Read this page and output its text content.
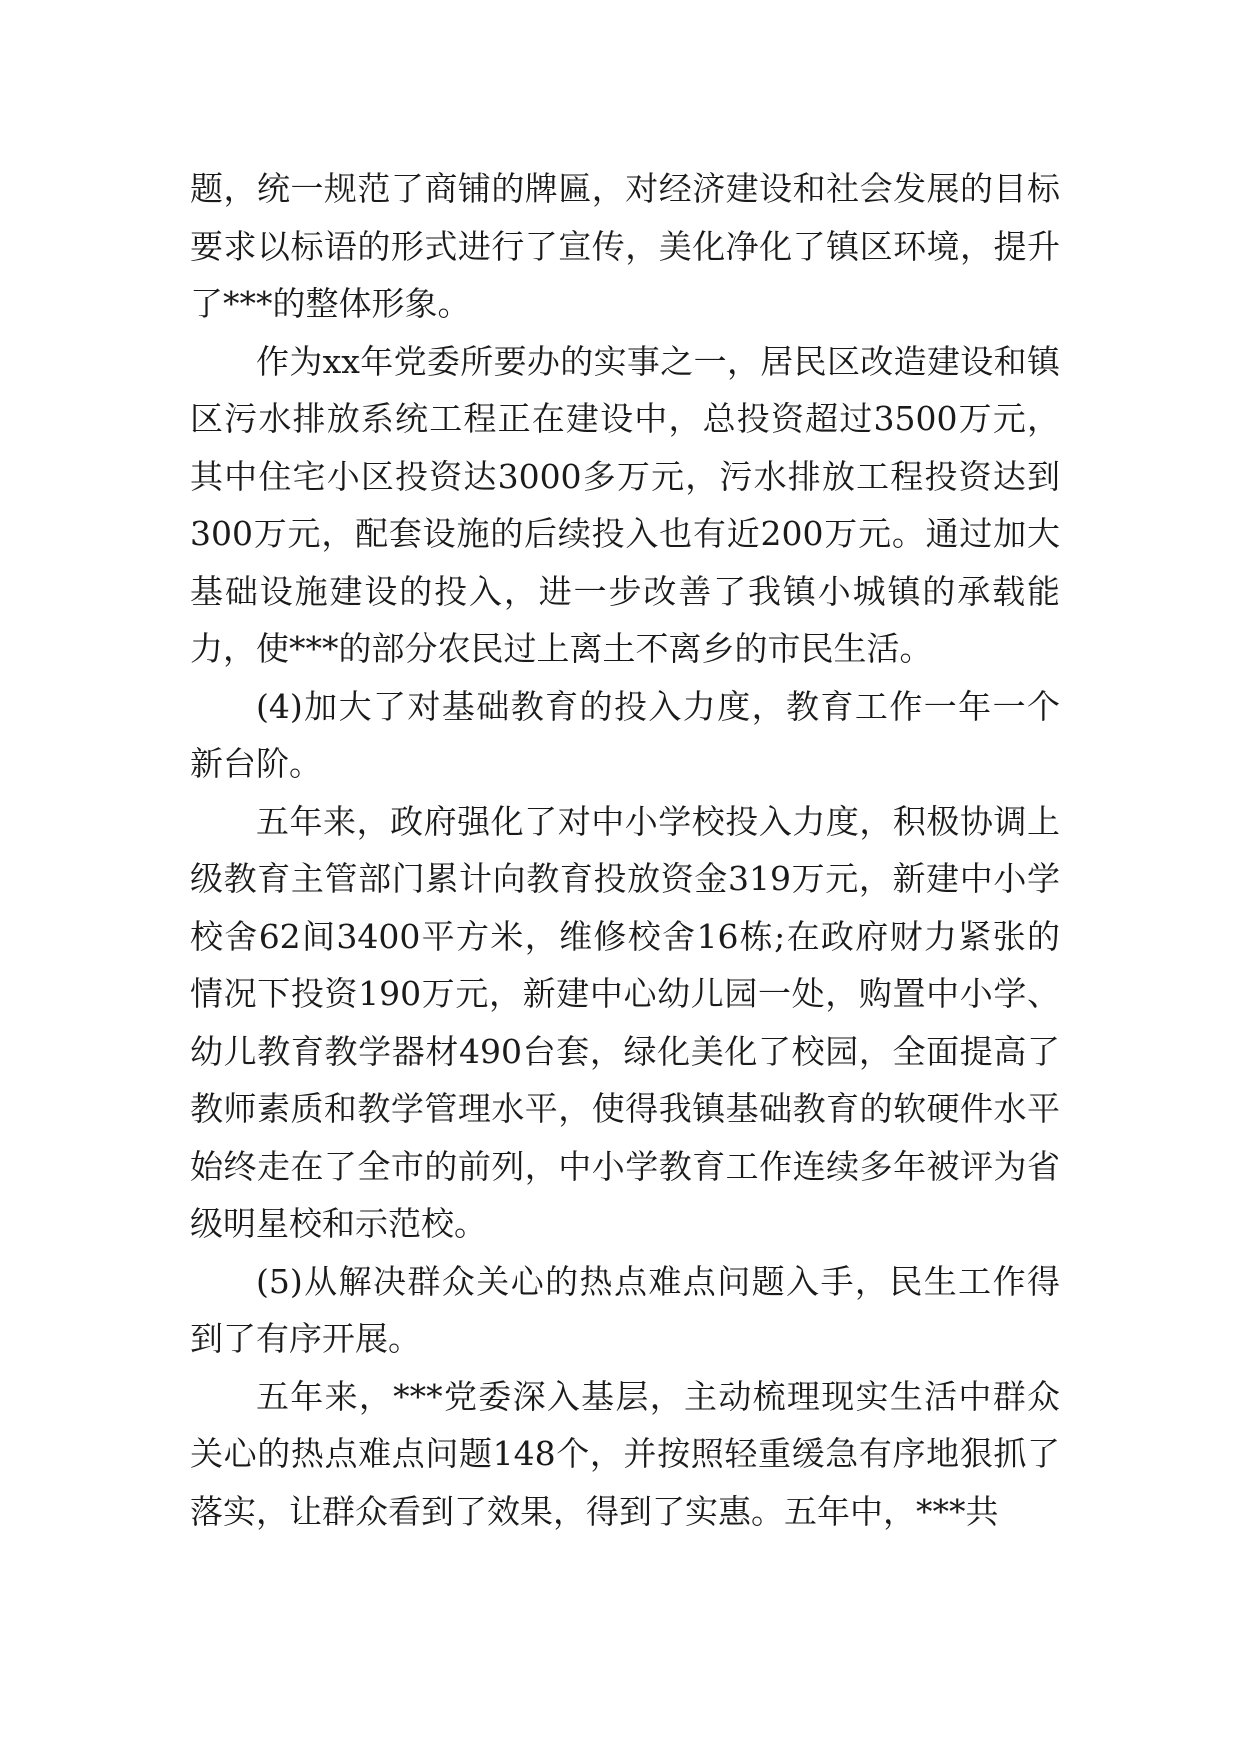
题，统一规范了商铺的牌匾，对经济建设和社会发展的目标要求以标语的形式进行了宣传，美化净化了镇区环境，提升了***的整体形象。

作为xx年党委所要办的实事之一，居民区改造建设和镇区污水排放系统工程正在建设中，总投资超过3500万元，其中住宅小区投资达3000多万元，污水排放工程投资达到300万元，配套设施的后续投入也有近200万元。通过加大基础设施建设的投入，进一步改善了我镇小城镇的承载能力，使***的部分农民过上离土不离乡的市民生活。

(4)加大了对基础教育的投入力度，教育工作一年一个新台阶。

五年来，政府强化了对中小学校投入力度，积极协调上级教育主管部门累计向教育投放资金319万元，新建中小学校舍62间3400平方米，维修校舍16栋;在政府财力紧张的情况下投资190万元，新建中心幼儿园一处，购置中小学、幼儿教育教学器材490台套，绿化美化了校园，全面提高了教师素质和教学管理水平，使得我镇基础教育的软硬件水平始终走在了全市的前列，中小学教育工作连续多年被评为省级明星校和示范校。

(5)从解决群众关心的热点难点问题入手，民生工作得到了有序开展。

五年来，***党委深入基层，主动梳理现实生活中群众关心的热点难点问题148个，并按照轻重缓急有序地狠抓了落实，让群众看到了效果，得到了实惠。五年中，***共
